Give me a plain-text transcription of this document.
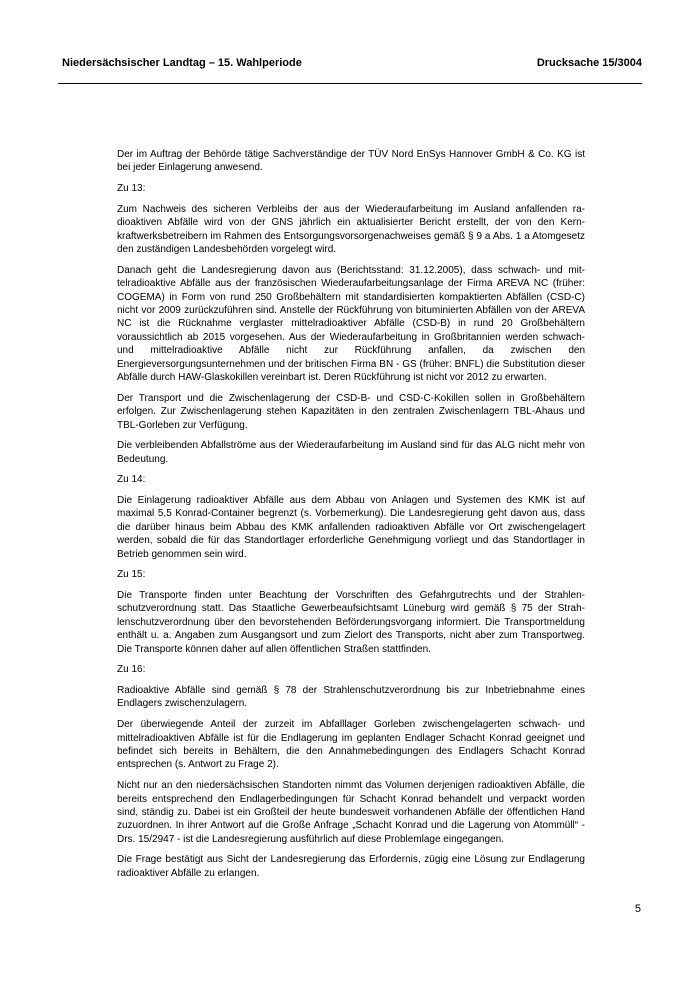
Niedersächsischer Landtag – 15. Wahlperiode	Drucksache 15/3004

Der im Auftrag der Behörde tätige Sachverständige der TÜV Nord EnSys Hannover GmbH & Co. KG ist bei jeder Einlagerung anwesend.

Zu 13:

Zum Nachweis des sicheren Verbleibs der aus der Wiederaufarbeitung im Ausland anfallenden radioaktiven Abfälle wird von der GNS jährlich ein aktualisierter Bericht erstellt, der von den Kernkraftwerksbetreibern im Rahmen des Entsorgungsvorsorgenachweises gemäß § 9 a Abs. 1 a Atomgesetz den zuständigen Landesbehörden vorgelegt wird.

Danach geht die Landesregierung davon aus (Berichtsstand: 31.12.2005), dass schwach- und mittelradioaktive Abfälle aus der französischen Wiederaufarbeitungsanlage der Firma AREVA NC (früher: COGEMA) in Form von rund 250 Großbehältern mit standardisierten kompaktierten Abfällen (CSD-C) nicht vor 2009 zurückzuführen sind. Anstelle der Rückführung von bituminierten Abfällen von der AREVA NC ist die Rücknahme verglaster mittelradioaktiver Abfälle (CSD-B) in rund 20 Großbehältern voraussichtlich ab 2015 vorgesehen. Aus der Wiederaufarbeitung in Großbritannien werden schwach- und mittelradioaktive Abfälle nicht zur Rückführung anfallen, da zwischen den Energieversorgungsunternehmen und der britischen Firma BN - GS (früher: BNFL) die Substitution dieser Abfälle durch HAW-Glaskokillen vereinbart ist. Deren Rückführung ist nicht vor 2012 zu erwarten.

Der Transport und die Zwischenlagerung der CSD-B- und CSD-C-Kokillen sollen in Großbehältern erfolgen. Zur Zwischenlagerung stehen Kapazitäten in den zentralen Zwischenlagern TBL-Ahaus und TBL-Gorleben zur Verfügung.

Die verbleibenden Abfallströme aus der Wiederaufarbeitung im Ausland sind für das ALG nicht mehr von Bedeutung.

Zu 14:

Die Einlagerung radioaktiver Abfälle aus dem Abbau von Anlagen und Systemen des KMK ist auf maximal 5,5 Konrad-Container begrenzt (s. Vorbemerkung). Die Landesregierung geht davon aus, dass die darüber hinaus beim Abbau des KMK anfallenden radioaktiven Abfälle vor Ort zwischengelagert werden, sobald die für das Standortlager erforderliche Genehmigung vorliegt und das Standortlager in Betrieb genommen sein wird.

Zu 15:

Die Transporte finden unter Beachtung der Vorschriften des Gefahrgutrechts und der Strahlenschutzverordnung statt. Das Staatliche Gewerbeaufsichtsamt Lüneburg wird gemäß § 75 der Strahlenschutzverordnung über den bevorstehenden Beförderungsvorgang informiert. Die Transportmeldung enthält u. a. Angaben zum Ausgangsort und zum Zielort des Transports, nicht aber zum Transportweg. Die Transporte können daher auf allen öffentlichen Straßen stattfinden.

Zu 16:

Radioaktive Abfälle sind gemäß § 78 der Strahlenschutzverordnung bis zur Inbetriebnahme eines Endlagers zwischenzulagern.

Der überwiegende Anteil der zurzeit im Abfalllager Gorleben zwischengelagerten schwach- und mittelradioaktiven Abfälle ist für die Endlagerung im geplanten Endlager Schacht Konrad geeignet und befindet sich bereits in Behältern, die den Annahmebedingungen des Endlagers Schacht Konrad entsprechen (s. Antwort zu Frage 2).

Nicht nur an den niedersächsischen Standorten nimmt das Volumen derjenigen radioaktiven Abfälle, die bereits entsprechend den Endlagerbedingungen für Schacht Konrad behandelt und verpackt worden sind, ständig zu. Dabei ist ein Großteil der heute bundesweit vorhandenen Abfälle der öffentlichen Hand zuzuordnen. In ihrer Antwort auf die Große Anfrage „Schacht Konrad und die Lagerung von Atommüll“ - Drs. 15/2947 - ist die Landesregierung ausführlich auf diese Problemlage eingegangen.

Die Frage bestätigt aus Sicht der Landesregierung das Erfordernis, zügig eine Lösung zur Endlagerung radioaktiver Abfälle zu erlangen.

5
